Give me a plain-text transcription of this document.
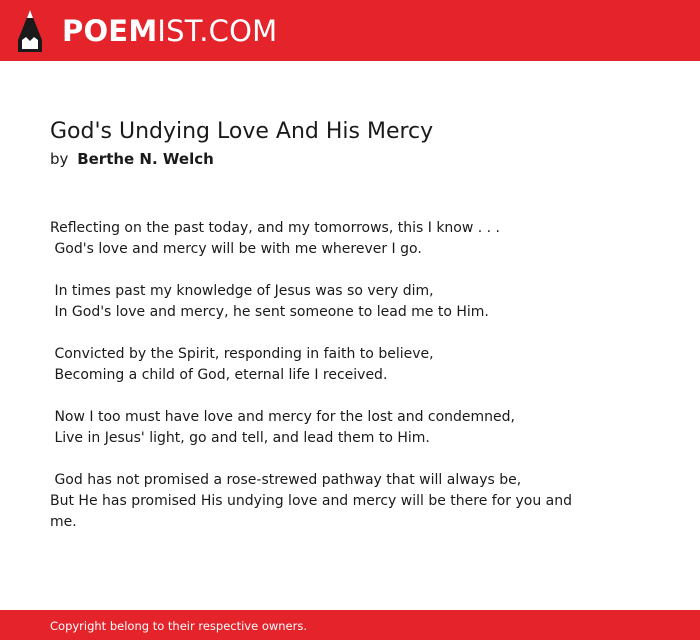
POEMIST.COM
God's Undying Love And His Mercy
by Berthe N. Welch
Reflecting on the past today, and my tomorrows, this I know . . .
God's love and mercy will be with me wherever I go.
In times past my knowledge of Jesus was so very dim,
In God's love and mercy, he sent someone to lead me to Him.
Convicted by the Spirit, responding in faith to believe,
Becoming a child of God, eternal life I received.
Now I too must have love and mercy for the lost and condemned,
Live in Jesus' light, go and tell, and lead them to Him.
God has not promised a rose-strewed pathway that will always be,
But He has promised His undying love and mercy will be there for you and me.
Copyright belong to their respective owners.
